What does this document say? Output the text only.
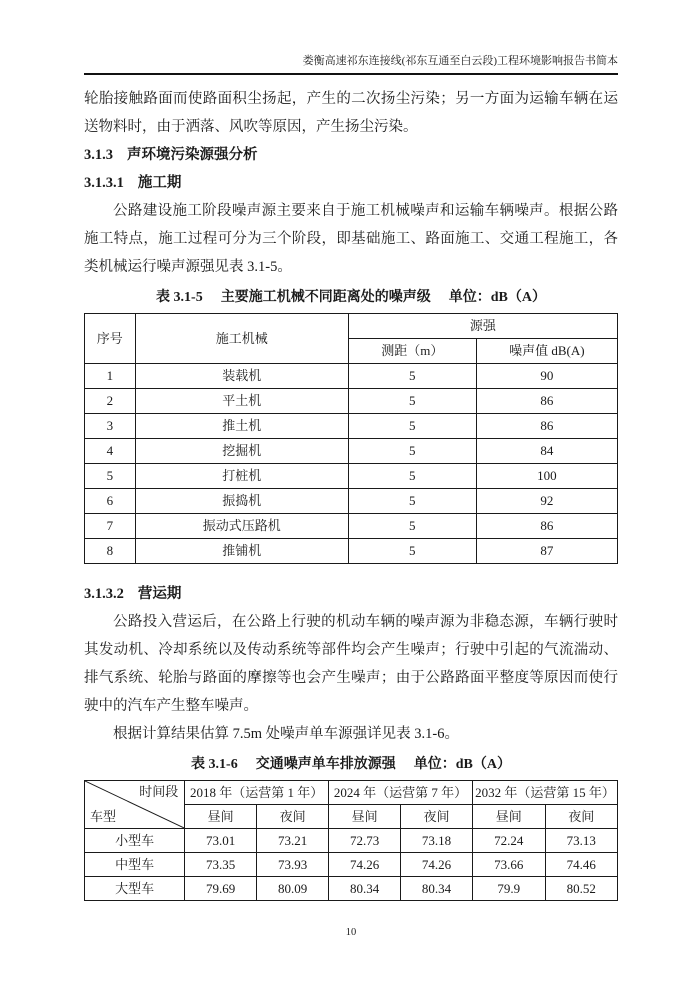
娄衡高速祁东连接线(祁东互通至白云段)工程环境影响报告书简本

轮胎接触路面而使路面积尘扬起，产生的二次扬尘污染；另一方面为运输车辆在运送物料时，由于洒落、风吹等原因，产生扬尘污染。

3.1.3 声环境污染源强分析

3.1.3.1 施工期

公路建设施工阶段噪声源主要来自于施工机械噪声和运输车辆噪声。根据公路施工特点，施工过程可分为三个阶段，即基础施工、路面施工、交通工程施工，各类机械运行噪声源强见表 3.1-5。

表 3.1-5 主要施工机械不同距离处的噪声级 单位：dB（A）
序号	施工机械	源强	
		测距（m）	噪声值 dB(A)
1	装载机	5	90
2	平土机	5	86
3	推土机	5	86
4	挖掘机	5	84
5	打桩机	5	100
6	振捣机	5	92
7	振动式压路机	5	86
8	推铺机	5	87

3.1.3.2 营运期

公路投入营运后，在公路上行驶的机动车辆的噪声源为非稳态源，车辆行驶时其发动机、冷却系统以及传动系统等部件均会产生噪声；行驶中引起的气流湍动、排气系统、轮胎与路面的摩擦等也会产生噪声；由于公路路面平整度等原因而使行驶中的汽车产生整车噪声。

根据计算结果估算 7.5m 处噪声单车源强详见表 3.1-6。

表 3.1-6 交通噪声单车排放源强 单位：dB（A）
时间段
车型	2018 年（运营第 1 年）		2024 年（运营第 7 年）		2032 年（运营第 15 年）	
	昼间	夜间	昼间	夜间	昼间	夜间
小型车	73.01	73.21	72.73	73.18	72.24	73.13
中型车	73.35	73.93	74.26	74.26	73.66	74.46
大型车	79.69	80.09	80.34	80.34	79.9	80.52
10
